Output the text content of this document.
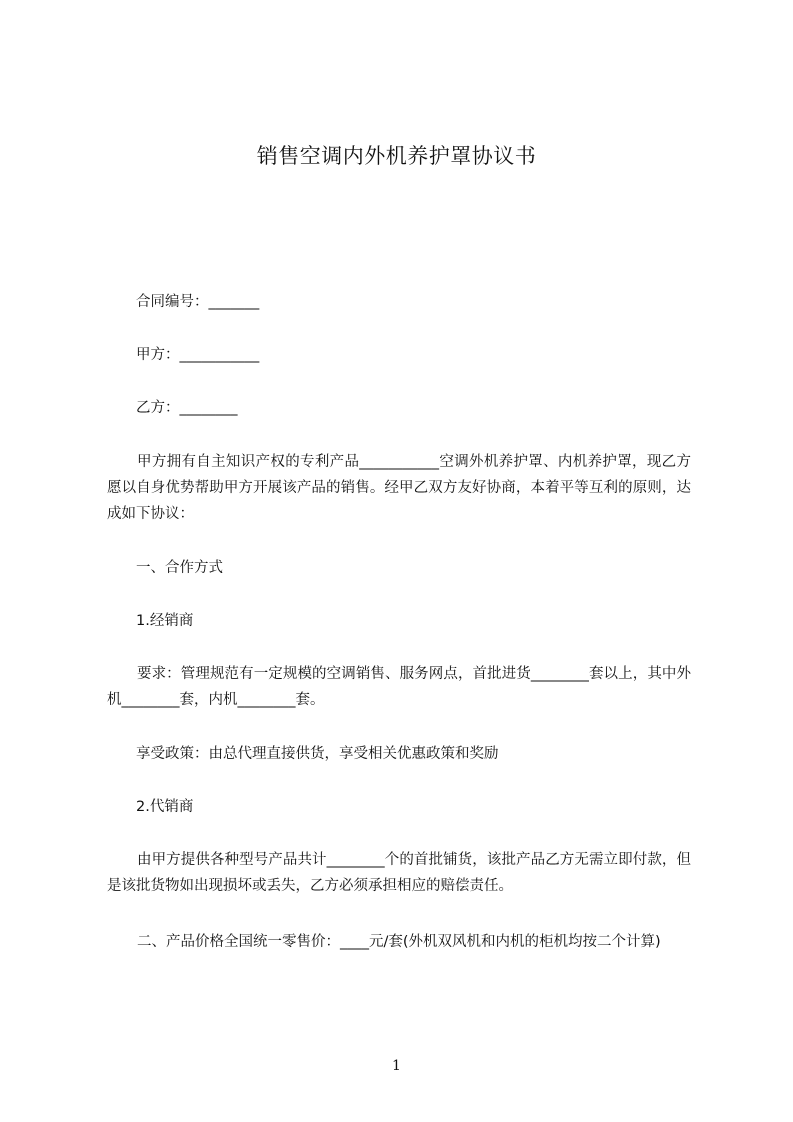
销售空调内外机养护罩协议书
合同编号：_______
甲方：___________
乙方：________
甲方拥有自主知识产权的专利产品___________空调外机养护罩、内机养护罩，现乙方愿以自身优势帮助甲方开展该产品的销售。经甲乙双方友好协商，本着平等互利的原则，达成如下协议：
一、合作方式
1.经销商
要求：管理规范有一定规模的空调销售、服务网点，首批进货________套以上，其中外机________套，内机________套。
享受政策：由总代理直接供货，享受相关优惠政策和奖励
2.代销商
由甲方提供各种型号产品共计________个的首批铺货，该批产品乙方无需立即付款，但是该批货物如出现损坏或丢失，乙方必须承担相应的赔偿责任。
二、产品价格全国统一零售价：____元/套(外机双风机和内机的柜机均按二个计算)
1
